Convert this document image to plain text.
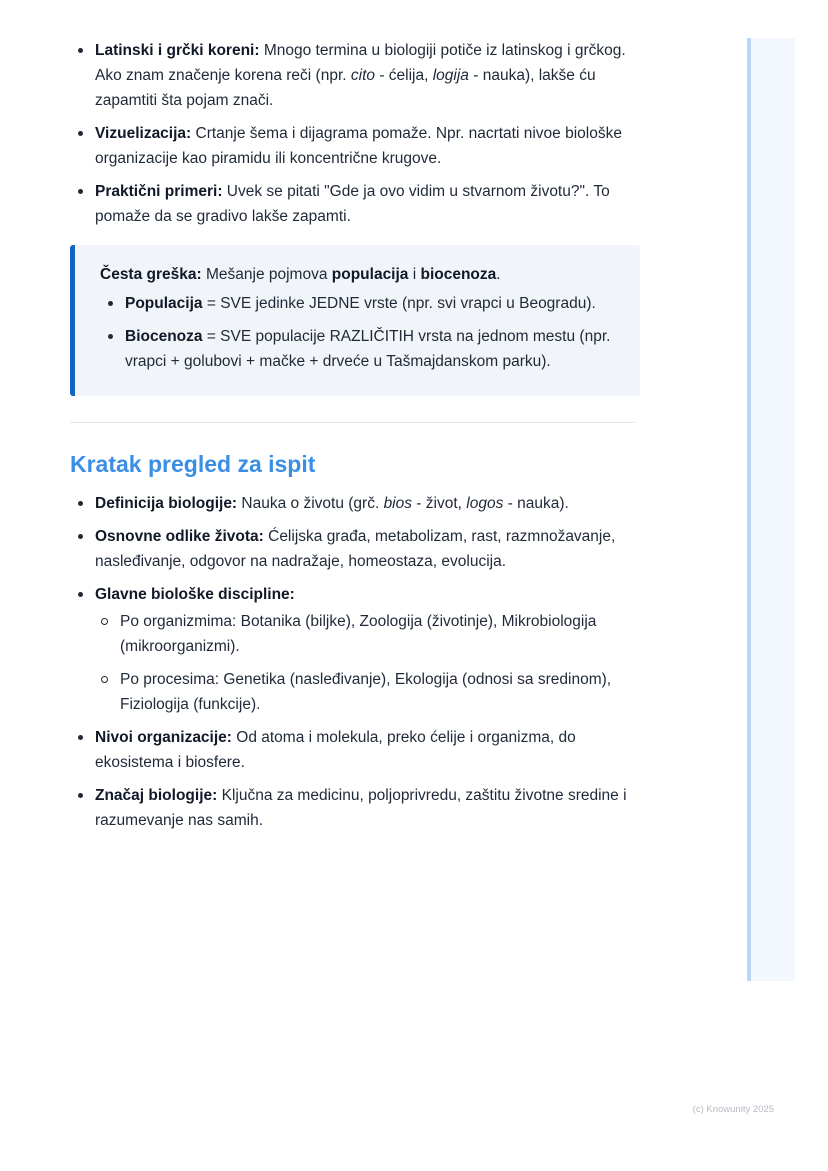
Latinski i grčki koreni: Mnogo termina u biologiji potiče iz latinskog i grčkog. Ako znam značenje korena reči (npr. cito - ćelija, logija - nauka), lakše ću zapamtiti šta pojam znači.
Vizuelizacija: Crtanje šema i dijagrama pomaže. Npr. nacrtati nivoe biološke organizacije kao piramidu ili koncentrične krugove.
Praktični primeri: Uvek se pitati "Gde ja ovo vidim u stvarnom životu?". To pomaže da se gradivo lakše zapamti.
Česta greška: Mešanje pojmova populacija i biocenoza.
Populacija = SVE jedinke JEDNE vrste (npr. svi vrapci u Beogradu).
Biocenoza = SVE populacije RAZLIČITIH vrsta na jednom mestu (npr. vrapci + golubovi + mačke + drveće u Tašmajdanskom parku).
Kratak pregled za ispit
Definicija biologije: Nauka o životu (grč. bios - život, logos - nauka).
Osnovne odlike života: Ćelijska građa, metabolizam, rast, razmnožavanje, nasleđivanje, odgovor na nadražaje, homeostaza, evolucija.
Glavne biološke discipline:
Po organizmima: Botanika (biljke), Zoologija (životinje), Mikrobiologija (mikroorganizmi).
Po procesima: Genetika (nasleđivanje), Ekologija (odnosi sa sredinom), Fiziologija (funkcije).
Nivoi organizacije: Od atoma i molekula, preko ćelije i organizma, do ekosistema i biosfere.
Značaj biologije: Ključna za medicinu, poljoprivredu, zaštitu životne sredine i razumevanje nas samih.
(c) Knowunity 2025
